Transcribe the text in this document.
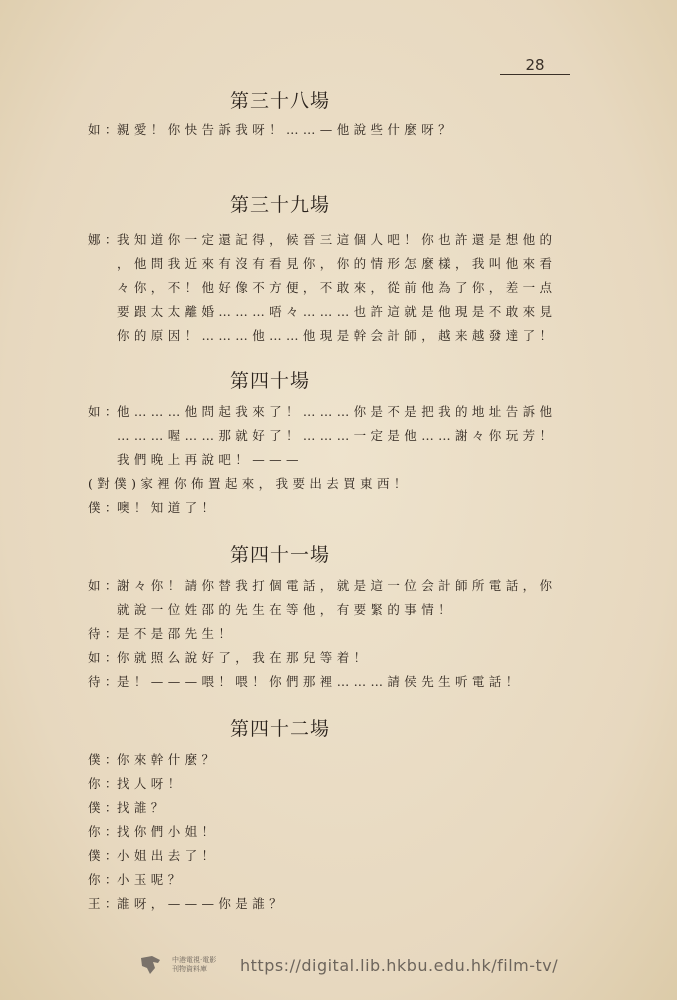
28
第三十八場
如：親愛！你快告訴我呀！……—他說些什麼呀？
第三十九場
娜：我知道你一定還記得，候晉三這個人吧！你也許還是想他的
，他問我近來有沒有看見你，你的情形怎麼樣，我叫他來看
々你，不！他好像不方便，不敢來，從前他為了你，差一点
要跟太太離婚………唔々………也許這就是他現是不敢來見
你的原因！………他……他現是幹会計師，越来越發達了！
第四十場
如：他………他問起我來了！………你是不是把我的地址告訴他
………喔……那就好了！………一定是他……謝々你玩芳！
我們晚上再說吧！———
(對僕)家裡你佈置起來，我要出去買東西！
僕：噢！知道了！
第四十一場
如：謝々你！請你替我打個電話，就是這一位会計師所電話，你
就說一位姓邵的先生在等他，有要緊的事情！
待：是不是邵先生！
如：你就照么說好了，我在那兒等着！
待：是！———喂！喂！你們那裡………請侯先生听電話！
第四十二場
僕：你來幹什麼？
你：找人呀！
僕：找誰？
你：找你們小姐！
僕：小姐出去了！
你：小玉呢？
王：誰呀，———你是誰？
中港電視·電影
刊物資料庫	https://digital.lib.hkbu.edu.hk/film-tv/
